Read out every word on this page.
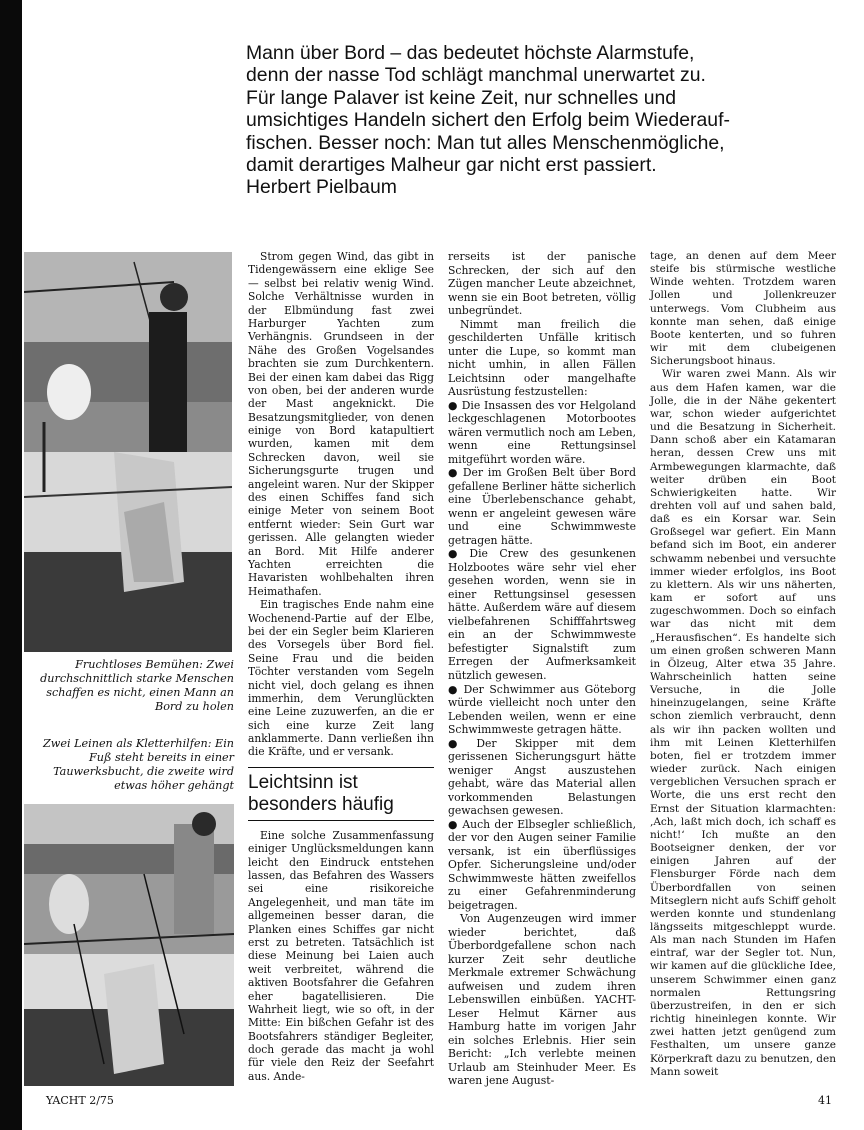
Mann über Bord – das bedeutet höchste Alarmstufe,

denn der nasse Tod schlägt manchmal unerwartet zu.

Für lange Palaver ist keine Zeit, nur schnelles und

umsichtiges Handeln sichert den Erfolg beim Wiederauf-

fischen. Besser noch: Man tut alles Menschenmögliche,

damit derartiges Malheur gar nicht erst passiert.

Herbert Pielbaum

Fruchtloses Bemühen: Zwei durchschnittlich starke Menschen schaffen es nicht, einen Mann an Bord zu holen
Zwei Leinen als Kletterhilfen: Ein Fuß steht bereits in einer Tauwerksbucht, die zweite wird etwas höher gehängt

Strom gegen Wind, das gibt in Tidengewässern eine eklige See — selbst bei relativ wenig Wind. Solche Verhältnisse wurden in der Elbmündung fast zwei Harburger Yachten zum Verhängnis. Grundseen in der Nähe des Großen Vogelsandes brachten sie zum Durchkentern. Bei der einen kam dabei das Rigg von oben, bei der anderen wurde der Mast angeknickt. Die Besatzungsmitglieder, von denen einige von Bord katapultiert wurden, kamen mit dem Schrecken davon, weil sie Sicherungsgurte trugen und angeleint waren. Nur der Skipper des einen Schiffes fand sich einige Meter von seinem Boot entfernt wieder: Sein Gurt war gerissen. Alle gelangten wieder an Bord. Mit Hilfe anderer Yachten erreichten die Havaristen wohlbehalten ihren Heimathafen.

Ein tragisches Ende nahm eine Wochenend-Partie auf der Elbe, bei der ein Segler beim Klarieren des Vorsegels über Bord fiel. Seine Frau und die beiden Töchter verstanden vom Segeln nicht viel, doch gelang es ihnen immerhin, dem Verunglückten eine Leine zuzuwerfen, an die er sich eine kurze Zeit lang anklammerte. Dann verließen ihn die Kräfte, und er versank.

Leichtsinn ist besonders häufig

Eine solche Zusammenfassung einiger Unglücksmeldungen kann leicht den Eindruck entstehen lassen, das Befahren des Wassers sei eine risikoreiche Angelegenheit, und man täte im allgemeinen besser daran, die Planken eines Schiffes gar nicht erst zu betreten. Tatsächlich ist diese Meinung bei Laien auch weit verbreitet, während die aktiven Bootsfahrer die Gefahren eher bagatellisieren. Die Wahrheit liegt, wie so oft, in der Mitte: Ein bißchen Gefahr ist des Bootsfahrers ständiger Begleiter, doch gerade das macht ja wohl für viele den Reiz der Seefahrt aus. Ande-

rerseits ist der panische Schrecken, der sich auf den Zügen mancher Leute abzeichnet, wenn sie ein Boot betreten, völlig unbegründet.

Nimmt man freilich die geschilderten Unfälle kritisch unter die Lupe, so kommt man nicht umhin, in allen Fällen Leichtsinn oder mangelhafte Ausrüstung festzustellen:

● Die Insassen des vor Helgoland leckgeschlagenen Motorbootes wären vermutlich noch am Leben, wenn eine Rettungsinsel mitgeführt worden wäre.

● Der im Großen Belt über Bord gefallene Berliner hätte sicherlich eine Überlebenschance gehabt, wenn er angeleint gewesen wäre und eine Schwimmweste getragen hätte.

● Die Crew des gesunkenen Holzbootes wäre sehr viel eher gesehen worden, wenn sie in einer Rettungsinsel gesessen hätte. Außerdem wäre auf diesem vielbefahrenen Schifffahrtsweg ein an der Schwimmweste befestigter Signalstift zum Erregen der Aufmerksamkeit nützlich gewesen.

● Der Schwimmer aus Göteborg würde vielleicht noch unter den Lebenden weilen, wenn er eine Schwimmweste getragen hätte.

● Der Skipper mit dem gerissenen Sicherungsgurt hätte weniger Angst auszustehen gehabt, wäre das Material allen vorkommenden Belastungen gewachsen gewesen.

● Auch der Elbsegler schließlich, der vor den Augen seiner Familie versank, ist ein überflüssiges Opfer. Sicherungsleine und/oder Schwimmweste hätten zweifellos zu einer Gefahrenminderung beigetragen.

Von Augenzeugen wird immer wieder berichtet, daß Überbordgefallene schon nach kurzer Zeit sehr deutliche Merkmale extremer Schwächung aufweisen und zudem ihren Lebenswillen einbüßen. YACHT-Leser Helmut Kärner aus Hamburg hatte im vorigen Jahr ein solches Erlebnis. Hier sein Bericht: „Ich verlebte meinen Urlaub am Steinhuder Meer. Es waren jene August-

tage, an denen auf dem Meer steife bis stürmische westliche Winde wehten. Trotzdem waren Jollen und Jollenkreuzer unterwegs. Vom Clubheim aus konnte man sehen, daß einige Boote kenterten, und so fuhren wir mit dem clubeigenen Sicherungsboot hinaus.

Wir waren zwei Mann. Als wir aus dem Hafen kamen, war die Jolle, die in der Nähe gekentert war, schon wieder aufgerichtet und die Besatzung in Sicherheit. Dann schoß aber ein Katamaran heran, dessen Crew uns mit Armbewegungen klarmachte, daß weiter drüben ein Boot Schwierigkeiten hatte. Wir drehten voll auf und sahen bald, daß es ein Korsar war. Sein Großsegel war gefiert. Ein Mann befand sich im Boot, ein anderer schwamm nebenbei und versuchte immer wieder erfolglos, ins Boot zu klettern. Als wir uns näherten, kam er sofort auf uns zugeschwommen. Doch so einfach war das nicht mit dem „Herausfischen“. Es handelte sich um einen großen schweren Mann in Ölzeug, Alter etwa 35 Jahre. Wahrscheinlich hatten seine Versuche, in die Jolle hineinzugelangen, seine Kräfte schon ziemlich verbraucht, denn als wir ihn packen wollten und ihm mit Leinen Kletterhilfen boten, fiel er trotzdem immer wieder zurück. Nach einigen vergeblichen Versuchen sprach er Worte, die uns erst recht den Ernst der Situation klarmachten: ‚Ach, laßt mich doch, ich schaff es nicht!‘ Ich mußte an den Bootseigner denken, der vor einigen Jahren auf der Flensburger Förde nach dem Überbordfallen von seinen Mitseglern nicht aufs Schiff geholt werden konnte und stundenlang längsseits mitgeschleppt wurde. Als man nach Stunden im Hafen eintraf, war der Segler tot. Nun, wir kamen auf die glückliche Idee, unserem Schwimmer einen ganz normalen Rettungsring überzustreifen, in den er sich richtig hineinlegen konnte. Wir zwei hatten jetzt genügend zum Festhalten, um unsere ganze Körperkraft dazu zu benutzen, den Mann soweit

YACHT 2/75	41
